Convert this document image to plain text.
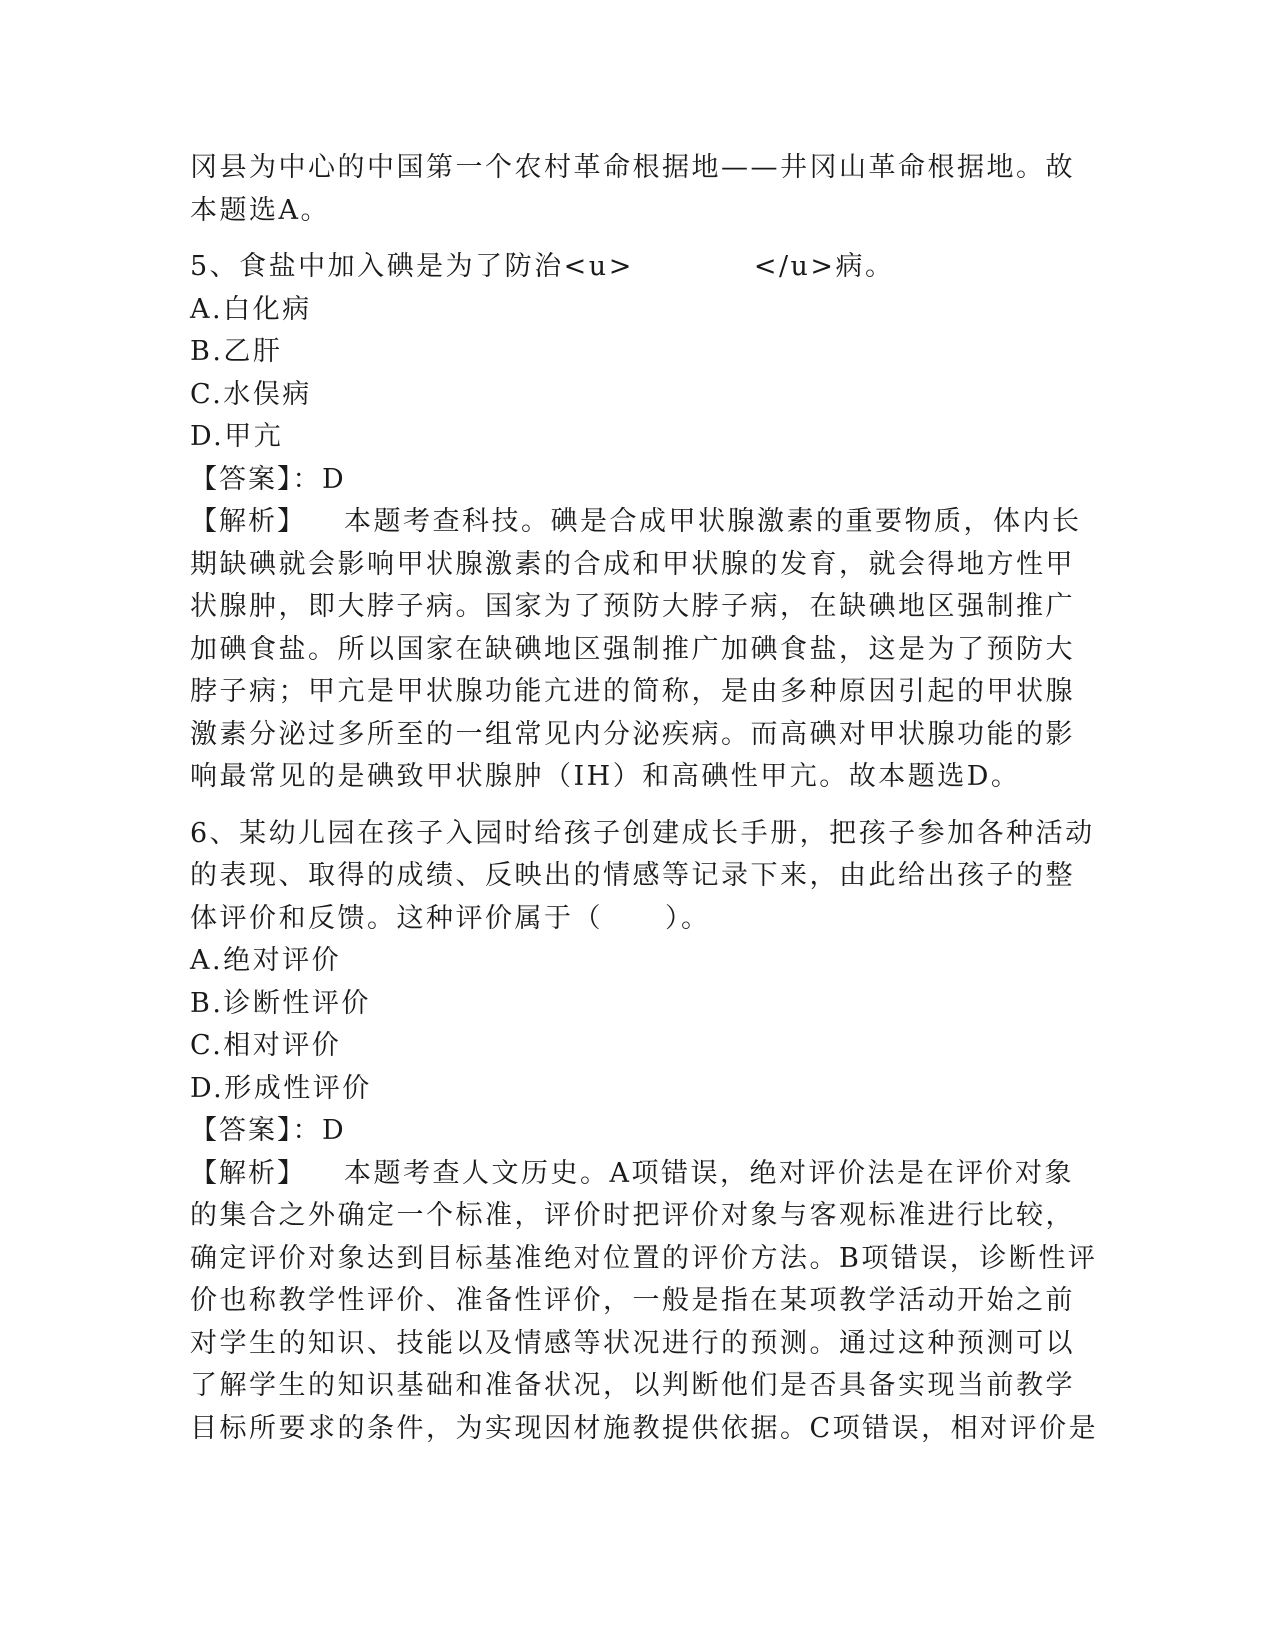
冈县为中心的中国第一个农村革命根据地——井冈山革命根据地。故
本题选A。
5、食盐中加入碘是为了防治<u>	</u>病。
A.白化病
B.乙肝
C.水俣病
D.甲亢
【答案】：D
【解析】 本题考查科技。碘是合成甲状腺激素的重要物质，体内长
期缺碘就会影响甲状腺激素的合成和甲状腺的发育，就会得地方性甲
状腺肿，即大脖子病。国家为了预防大脖子病，在缺碘地区强制推广
加碘食盐。所以国家在缺碘地区强制推广加碘食盐，这是为了预防大
脖子病；甲亢是甲状腺功能亢进的简称，是由多种原因引起的甲状腺
激素分泌过多所至的一组常见内分泌疾病。而高碘对甲状腺功能的影
响最常见的是碘致甲状腺肿（IH）和高碘性甲亢。故本题选D。
6、某幼儿园在孩子入园时给孩子创建成长手册，把孩子参加各种活动
的表现、取得的成绩、反映出的情感等记录下来，由此给出孩子的整
体评价和反馈。这种评价属于（ ）。
A.绝对评价
B.诊断性评价
C.相对评价
D.形成性评价
【答案】：D
【解析】 本题考查人文历史。A项错误，绝对评价法是在评价对象
的集合之外确定一个标准，评价时把评价对象与客观标准进行比较，
确定评价对象达到目标基准绝对位置的评价方法。B项错误，诊断性评
价也称教学性评价、准备性评价，一般是指在某项教学活动开始之前
对学生的知识、技能以及情感等状况进行的预测。通过这种预测可以
了解学生的知识基础和准备状况，以判断他们是否具备实现当前教学
目标所要求的条件，为实现因材施教提供依据。C项错误，相对评价是
